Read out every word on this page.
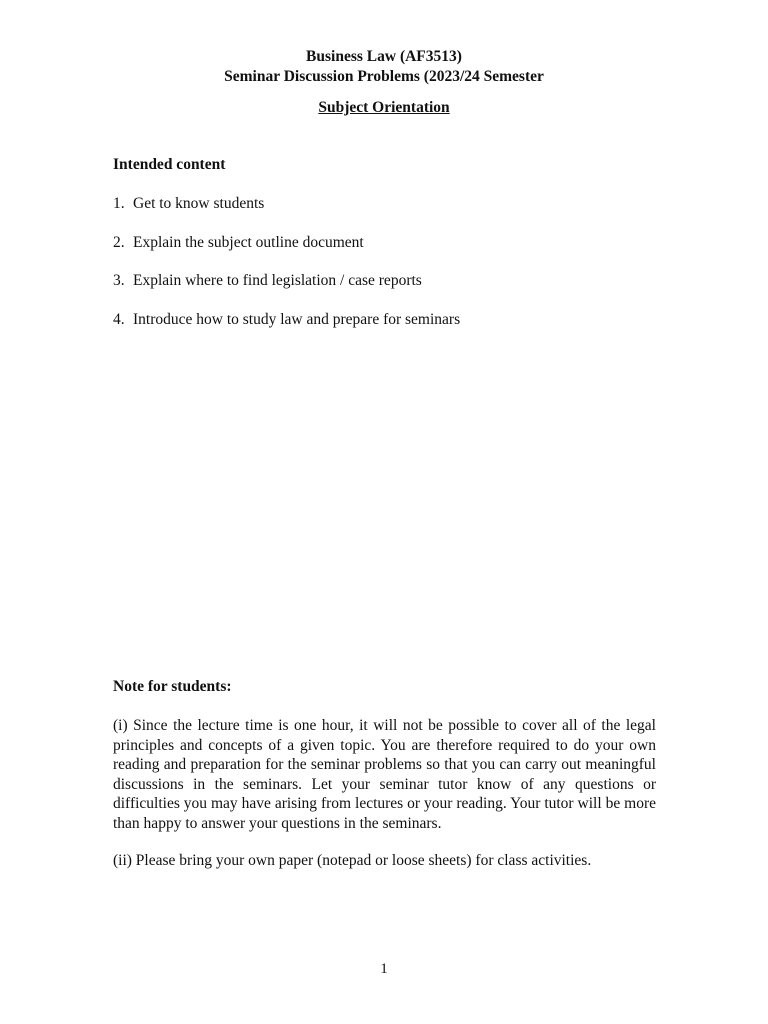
Business Law (AF3513)
Seminar Discussion Problems (2023/24 Semester
Subject Orientation
Intended content
1. Get to know students
2. Explain the subject outline document
3. Explain where to find legislation / case reports
4. Introduce how to study law and prepare for seminars
Note for students:
(i) Since the lecture time is one hour, it will not be possible to cover all of the legal principles and concepts of a given topic. You are therefore required to do your own reading and preparation for the seminar problems so that you can carry out meaningful discussions in the seminars. Let your seminar tutor know of any questions or difficulties you may have arising from lectures or your reading. Your tutor will be more than happy to answer your questions in the seminars.
(ii) Please bring your own paper (notepad or loose sheets) for class activities.
1
